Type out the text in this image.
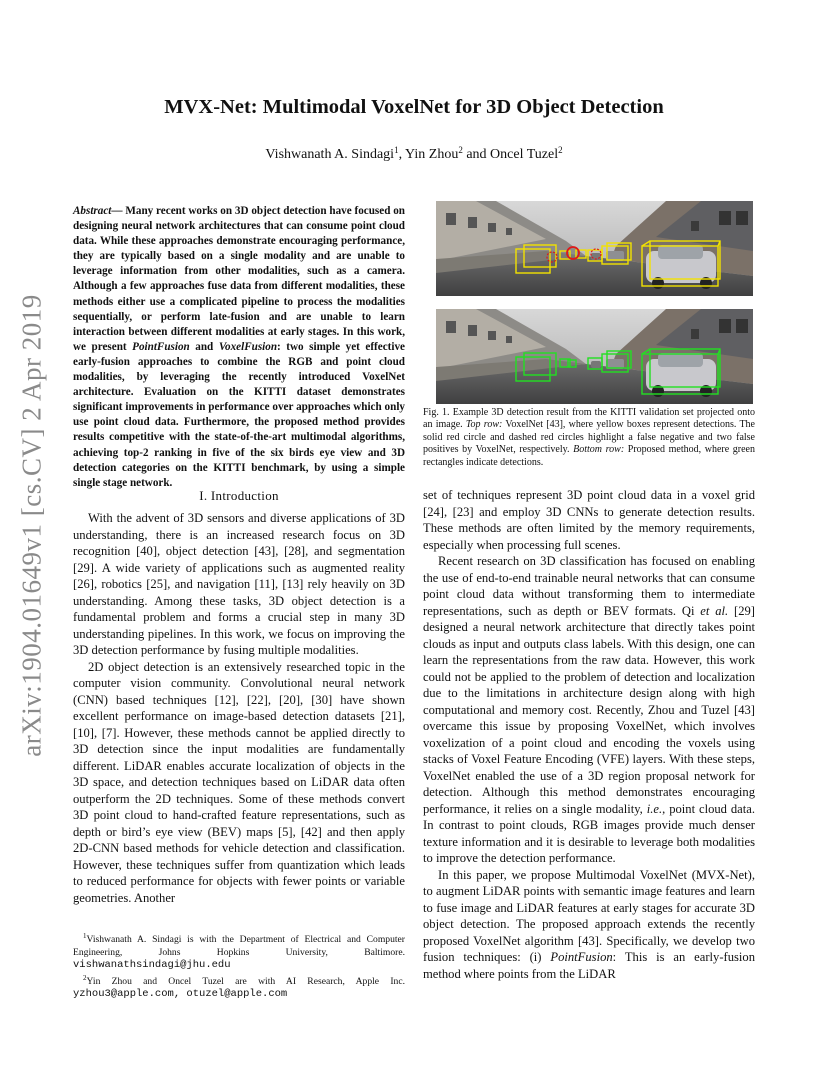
arXiv:1904.01649v1 [cs.CV] 2 Apr 2019
MVX-Net: Multimodal VoxelNet for 3D Object Detection
Vishwanath A. Sindagi$^1$, Yin Zhou$^2$ and Oncel Tuzel$^2$
Abstract— Many recent works on 3D object detection have focused on designing neural network architectures that can consume point cloud data. While these approaches demonstrate encouraging performance, they are typically based on a single modality and are unable to leverage information from other modalities, such as a camera. Although a few approaches fuse data from different modalities, these methods either use a complicated pipeline to process the modalities sequentially, or perform late-fusion and are unable to learn interaction between different modalities at early stages. In this work, we present PointFusion and VoxelFusion: two simple yet effective early-fusion approaches to combine the RGB and point cloud modalities, by leveraging the recently introduced VoxelNet architecture. Evaluation on the KITTI dataset demonstrates significant improvements in performance over approaches which only use point cloud data. Furthermore, the proposed method provides results competitive with the state-of-the-art multimodal algorithms, achieving top-2 ranking in five of the six birds eye view and 3D detection categories on the KITTI benchmark, by using a simple single stage network.
I. Introduction

With the advent of 3D sensors and diverse applications of 3D understanding, there is an increased research focus on 3D recognition [40], object detection [43], [28], and segmentation [29]. A wide variety of applications such as augmented reality [26], robotics [25], and navigation [11], [13] rely heavily on 3D understanding. Among these tasks, 3D object detection is a fundamental problem and forms a crucial step in many 3D understanding pipelines. In this work, we focus on improving the 3D detection performance by fusing multiple modalities.

2D object detection is an extensively researched topic in the computer vision community. Convolutional neural network (CNN) based techniques [12], [22], [20], [30] have shown excellent performance on image-based detection datasets [21], [10], [7]. However, these methods cannot be applied directly to 3D detection since the input modalities are fundamentally different. LiDAR enables accurate localization of objects in the 3D space, and detection techniques based on LiDAR data often outperform the 2D techniques. Some of these methods convert 3D point cloud to hand-crafted feature representations, such as depth or bird’s eye view (BEV) maps [5], [42] and then apply 2D-CNN based methods for vehicle detection and classification. However, these techniques suffer from quantization which leads to reduced performance for objects with fewer points or variable geometries. Another

$^1$Vishwanath A. Sindagi is with the Department of Electrical and Computer Engineering, Johns Hopkins University, Baltimore. vishwanathsindagi@jhu.edu
$^2$Yin Zhou and Oncel Tuzel are with AI Research, Apple Inc. yzhou3@apple.com, otuzel@apple.com
Fig. 1. Example 3D detection result from the KITTI validation set projected onto an image. Top row: VoxelNet [43], where yellow boxes represent detections. The solid red circle and dashed red circles highlight a false negative and two false positives by VoxelNet, respectively. Bottom row: Proposed method, where green rectangles indicate detections.

set of techniques represent 3D point cloud data in a voxel grid [24], [23] and employ 3D CNNs to generate detection results. These methods are often limited by the memory requirements, especially when processing full scenes.

Recent research on 3D classification has focused on enabling the use of end-to-end trainable neural networks that can consume point cloud data without transforming them to intermediate representations, such as depth or BEV formats. Qi et al. [29] designed a neural network architecture that directly takes point clouds as input and outputs class labels. With this design, one can learn the representations from the raw data. However, this work could not be applied to the problem of detection and localization due to the limitations in architecture design along with high computational and memory cost. Recently, Zhou and Tuzel [43] overcame this issue by proposing VoxelNet, which involves voxelization of a point cloud and encoding the voxels using stacks of Voxel Feature Encoding (VFE) layers. With these steps, VoxelNet enabled the use of a 3D region proposal network for detection. Although this method demonstrates encouraging performance, it relies on a single modality, i.e., point cloud data. In contrast to point clouds, RGB images provide much denser texture information and it is desirable to leverage both modalities to improve the detection performance.

In this paper, we propose Multimodal VoxelNet (MVX-Net), to augment LiDAR points with semantic image features and learn to fuse image and LiDAR features at early stages for accurate 3D object detection. The proposed approach extends the recently proposed VoxelNet algorithm [43]. Specifically, we develop two fusion techniques: (i) PointFusion: This is an early-fusion method where points from the LiDAR
